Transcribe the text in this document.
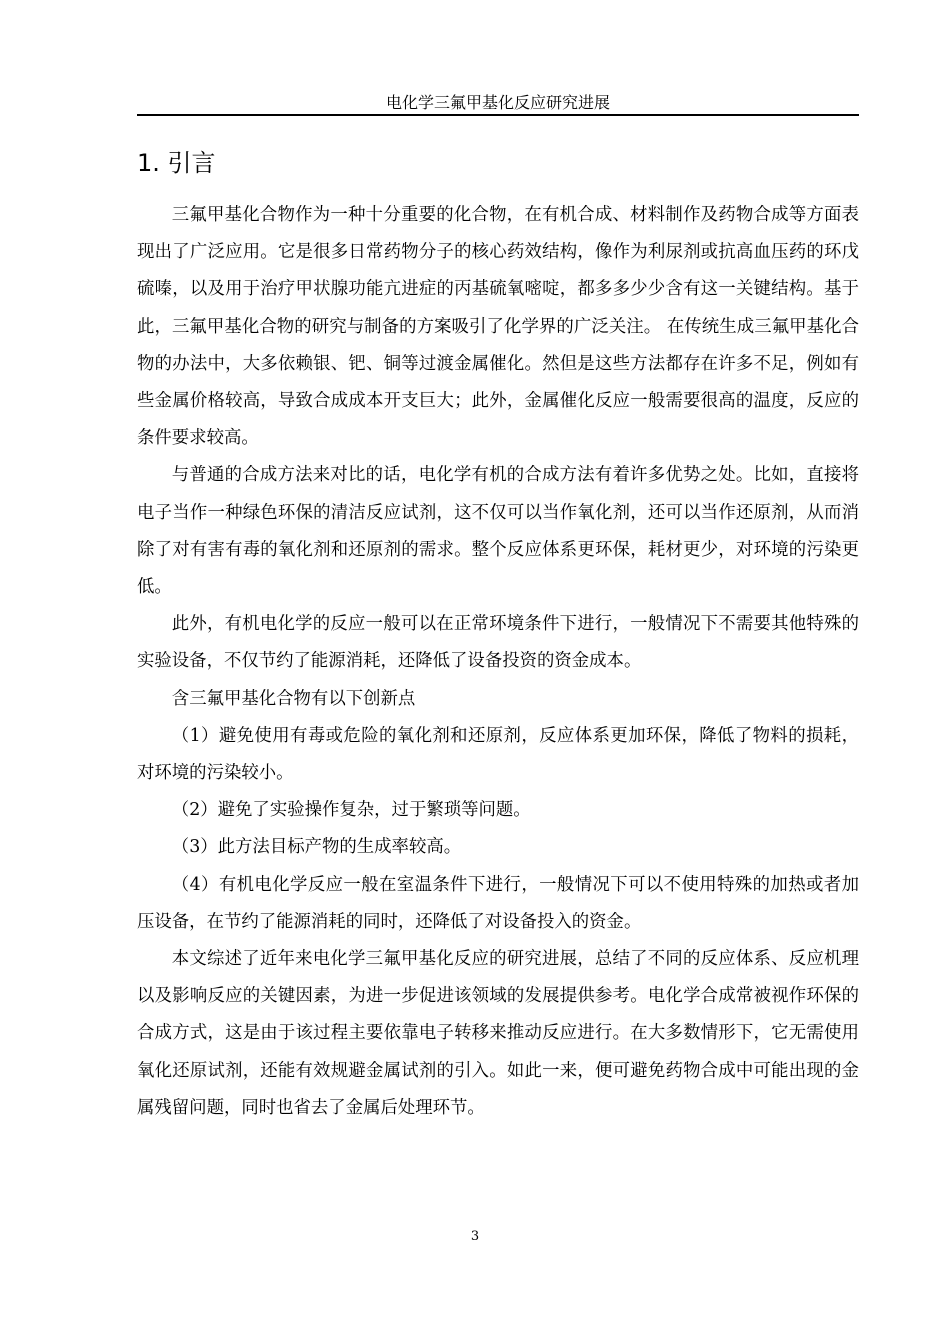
电化学三氟甲基化反应研究进展
1. 引言

三氟甲基化合物作为一种十分重要的化合物，在有机合成、材料制作及药物合成等方面表现出了广泛应用。它是很多日常药物分子的核心药效结构，像作为利尿剂或抗高血压药的环戊硫嗪，以及用于治疗甲状腺功能亢进症的丙基硫氧嘧啶，都多多少少含有这一关键结构。基于此，三氟甲基化合物的研究与制备的方案吸引了化学界的广泛关注。 在传统生成三氟甲基化合物的办法中，大多依赖银、钯、铜等过渡金属催化。然但是这些方法都存在许多不足，例如有些金属价格较高，导致合成成本开支巨大；此外，金属催化反应一般需要很高的温度，反应的条件要求较高。

与普通的合成方法来对比的话，电化学有机的合成方法有着许多优势之处。比如，直接将电子当作一种绿色环保的清洁反应试剂，这不仅可以当作氧化剂，还可以当作还原剂，从而消除了对有害有毒的氧化剂和还原剂的需求。整个反应体系更环保，耗材更少，对环境的污染更低。

此外，有机电化学的反应一般可以在正常环境条件下进行，一般情况下不需要其他特殊的实验设备，不仅节约了能源消耗，还降低了设备投资的资金成本。

含三氟甲基化合物有以下创新点

（1）避免使用有毒或危险的氧化剂和还原剂，反应体系更加环保，降低了物料的损耗，对环境的污染较小。

（2）避免了实验操作复杂，过于繁琐等问题。

（3）此方法目标产物的生成率较高。

（4）有机电化学反应一般在室温条件下进行，一般情况下可以不使用特殊的加热或者加压设备，在节约了能源消耗的同时，还降低了对设备投入的资金。

本文综述了近年来电化学三氟甲基化反应的研究进展，总结了不同的反应体系、反应机理以及影响反应的关键因素，为进一步促进该领域的发展提供参考。电化学合成常被视作环保的合成方式，这是由于该过程主要依靠电子转移来推动反应进行。在大多数情形下，它无需使用氧化还原试剂，还能有效规避金属试剂的引入。如此一来，便可避免药物合成中可能出现的金属残留问题，同时也省去了金属后处理环节。

3
